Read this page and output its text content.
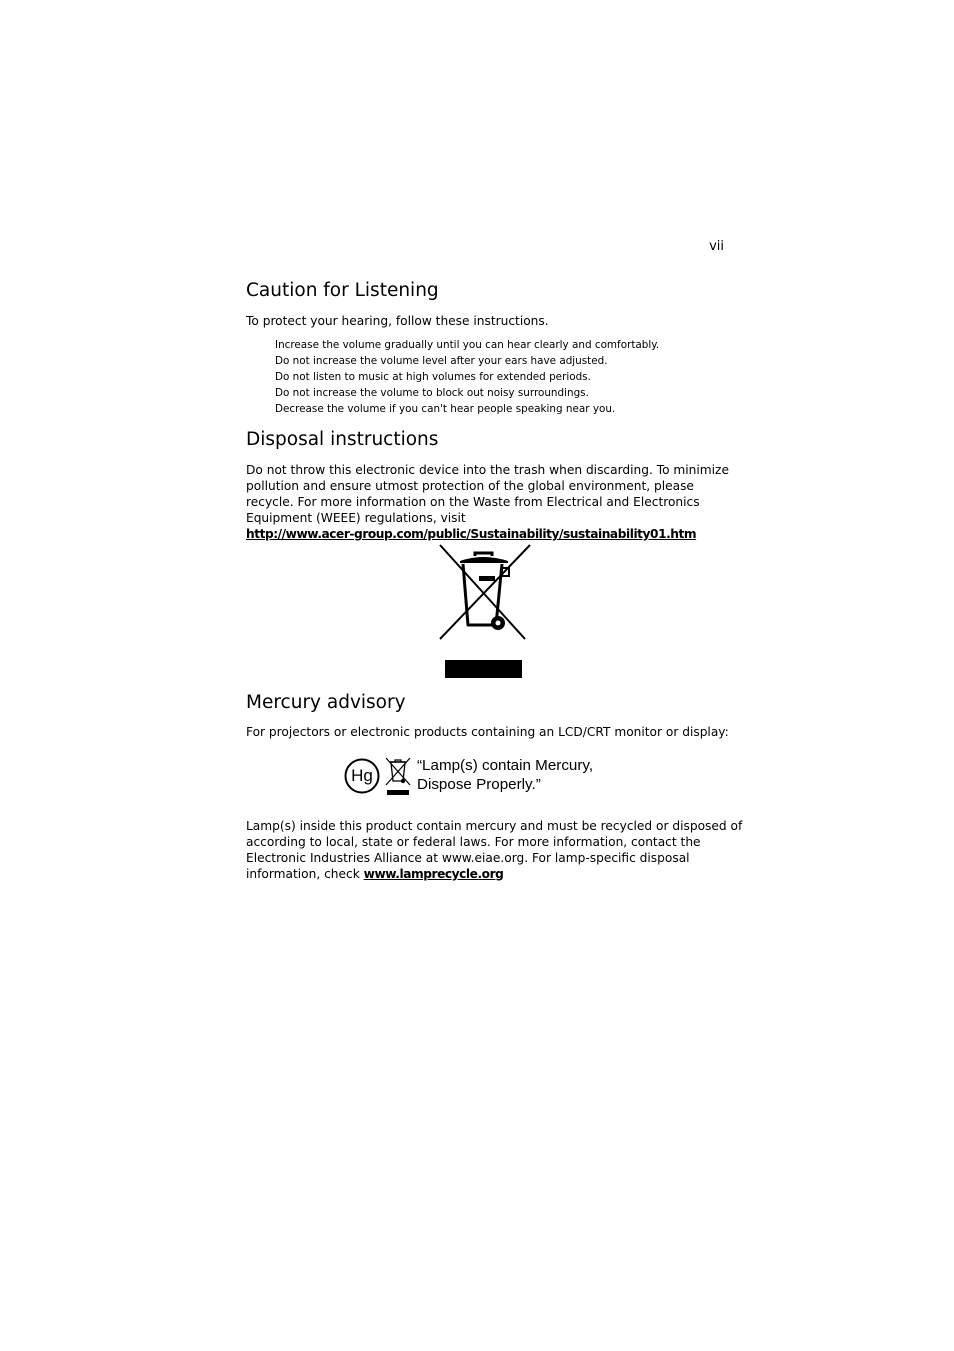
vii
Caution for Listening
To protect your hearing, follow these instructions.
Increase the volume gradually until you can hear clearly and comfortably.
Do not increase the volume level after your ears have adjusted.
Do not listen to music at high volumes for extended periods.
Do not increase the volume to block out noisy surroundings.
Decrease the volume if you can't hear people speaking near you.
Disposal instructions
Do not throw this electronic device into the trash when discarding. To minimize
pollution and ensure utmost protection of the global environment, please
recycle. For more information on the Waste from Electrical and Electronics
Equipment (WEEE) regulations, visit
http://www.acer-group.com/public/Sustainability/sustainability01.htm
Mercury advisory
For projectors or electronic products containing an LCD/CRT monitor or display:
Hg
“Lamp(s) contain Mercury,
Dispose Properly.”
Lamp(s) inside this product contain mercury and must be recycled or disposed of
according to local, state or federal laws. For more information, contact the
Electronic Industries Alliance at www.eiae.org. For lamp-specific disposal
information, check www.lamprecycle.org
